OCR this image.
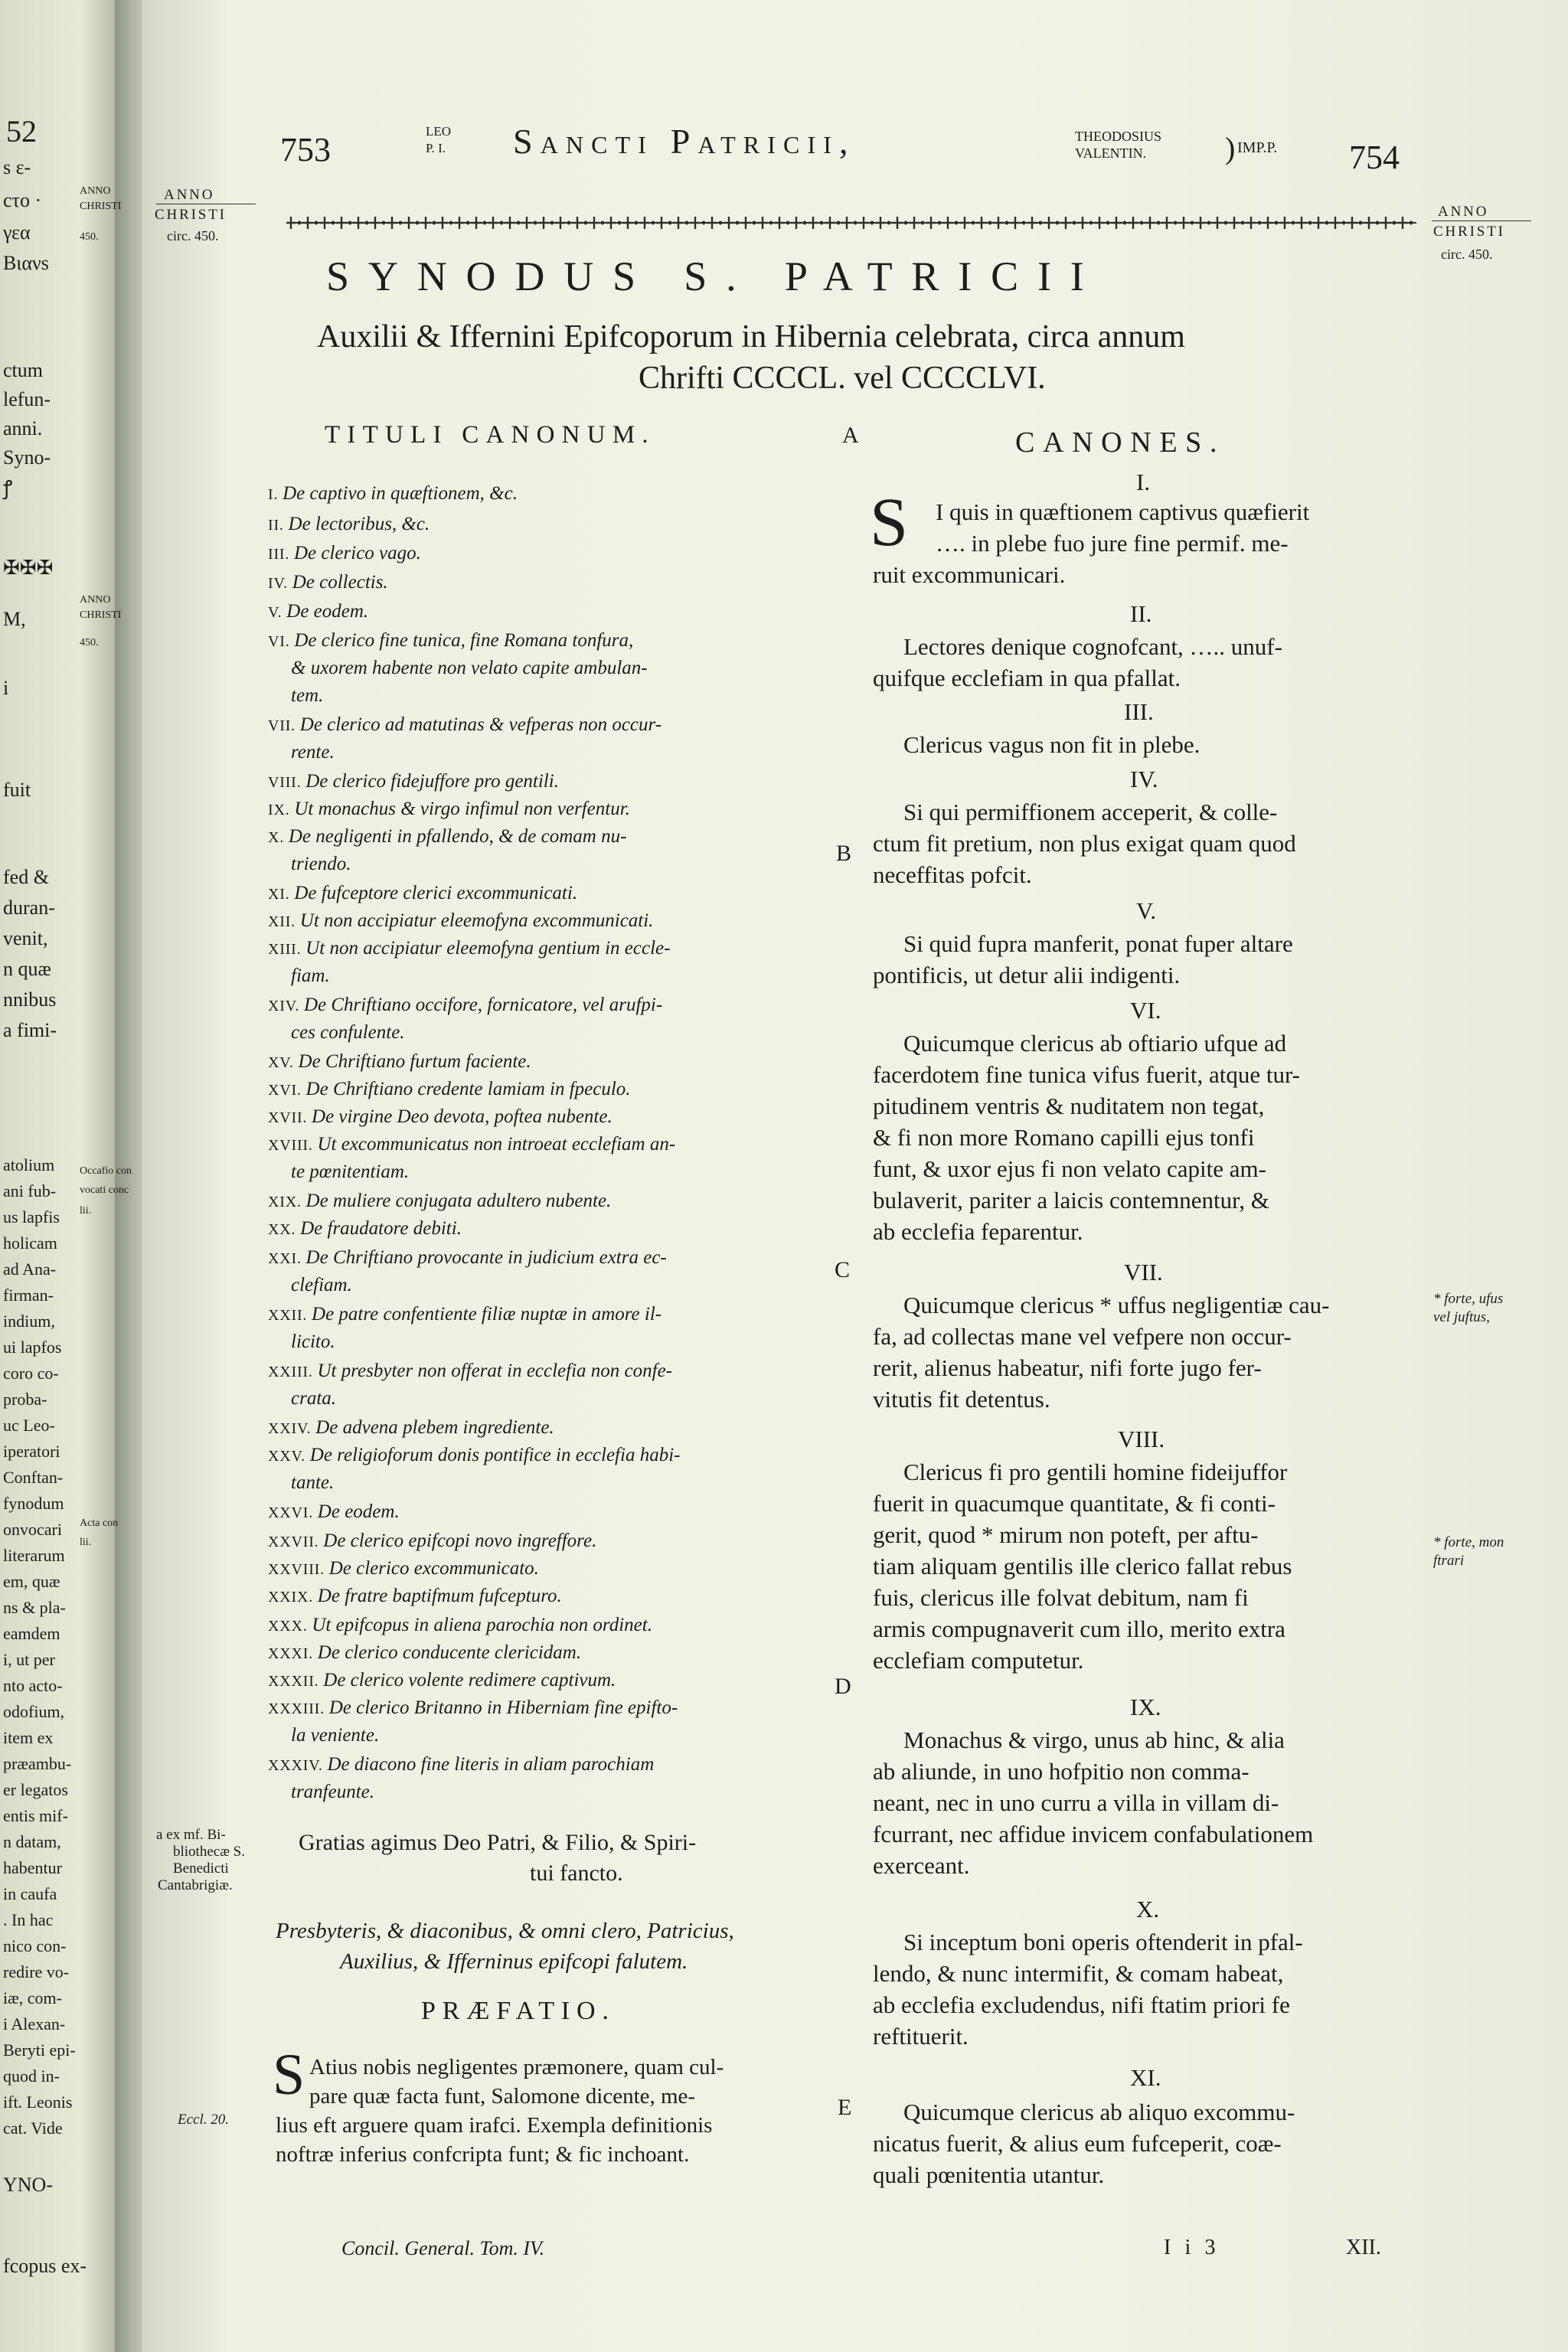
753	LEO
P. I. Sancti Patricii,	THEODOSIUS
VALENTIN.	) IMP.P. 754
ANNO
CHRISTI
circ. 450.
ANNO
CHRISTI
circ. 450.
SYNODUS S. PATRICII
Auxilii & Iffernini Epifcoporum in Hibernia celebrata, circa annum
Chrifti CCCCL. vel CCCCLVI.
TITULI CANONUM.
I. De captivo in quæftionem, &c.
II. De lectoribus, &c.
III. De clerico vago.
IV. De collectis.
V. De eodem.
VI. De clerico fine tunica, fine Romana tonfura,
& uxorem habente non velato capite ambulan-
tem.
VII. De clerico ad matutinas & vefperas non occur-
rente.
VIII. De clerico fidejuffore pro gentili.
IX. Ut monachus & virgo infimul non verfentur.
X. De negligenti in pfallendo, & de comam nu-
triendo.
XI. De fufceptore clerici excommunicati.
XII. Ut non accipiatur eleemofyna excommunicati.
XIII. Ut non accipiatur eleemofyna gentium in eccle-
fiam.
XIV. De Chriftiano occifore, fornicatore, vel arufpi-
ces confulente.
XV. De Chriftiano furtum faciente.
XVI. De Chriftiano credente lamiam in fpeculo.
XVII. De virgine Deo devota, poftea nubente.
XVIII. Ut excommunicatus non introeat ecclefiam an-
te pœnitentiam.
XIX. De muliere conjugata adultero nubente.
XX. De fraudatore debiti.
XXI. De Chriftiano provocante in judicium extra ec-
clefiam.
XXII. De patre confentiente filiæ nuptæ in amore il-
licito.
XXIII. Ut presbyter non offerat in ecclefia non confe-
crata.
XXIV. De advena plebem ingrediente.
XXV. De religioforum donis pontifice in ecclefia habi-
tante.
XXVI. De eodem.
XXVII. De clerico epifcopi novo ingreffore.
XXVIII. De clerico excommunicato.
XXIX. De fratre baptifmum fufcepturo.
XXX. Ut epifcopus in aliena parochia non ordinet.
XXXI. De clerico conducente clericidam.
XXXII. De clerico volente redimere captivum.
XXXIII. De clerico Britanno in Hiberniam fine epifto-
la veniente.
XXXIV. De diacono fine literis in aliam parochiam
tranfeunte.
Gratias agimus Deo Patri, & Filio, & Spiri-
tui fancto.
a ex mf. Bi-
bliothecæ S.
Benedicti
Cantabrigiæ.
Presbyteris, & diaconibus, & omni clero, Patricius,
Auxilius, & Ifferninus epifcopi falutem.
PRÆFATIO.
S Atius nobis negligentes præmonere, quam cul-
pare quæ facta funt, Salomone dicente, me-
lius eft arguere quam irafci. Exempla definitionis
noftræ inferius confcripta funt; & fic inchoant.
Eccl. 20.
A
B
C
D
E
CANONES.
S
I.
I quis in quæftionem captivus quæfierit
…. in plebe fuo jure fine permif. me-
ruit excommunicari.
II.
Lectores denique cognofcant, ….. unuf-
quifque ecclefiam in qua pfallat.
III.
Clericus vagus non fit in plebe.
IV.
Si qui permiffionem acceperit, & colle-
ctum fit pretium, non plus exigat quam quod
neceffitas pofcit.
V.
Si quid fupra manferit, ponat fuper altare
pontificis, ut detur alii indigenti.
VI.
Quicumque clericus ab oftiario ufque ad
facerdotem fine tunica vifus fuerit, atque tur-
pitudinem ventris & nuditatem non tegat,
& fi non more Romano capilli ejus tonfi
funt, & uxor ejus fi non velato capite am-
bulaverit, pariter a laicis contemnentur, &
ab ecclefia feparentur.
VII.
Quicumque clericus * uffus negligentiæ cau-
fa, ad collectas mane vel vefpere non occur-
rerit, alienus habeatur, nifi forte jugo fer-
vitutis fit detentus.
VIII.
Clericus fi pro gentili homine fideijuffor
fuerit in quacumque quantitate, & fi conti-
gerit, quod * mirum non poteft, per aftu-
tiam aliquam gentilis ille clerico fallat rebus
fuis, clericus ille folvat debitum, nam fi
armis compugnaverit cum illo, merito extra
ecclefiam computetur.
IX.
Monachus & virgo, unus ab hinc, & alia
ab aliunde, in uno hofpitio non comma-
neant, nec in uno curru a villa in villam di-
fcurrant, nec affidue invicem confabulationem
exerceant.
X.
Si inceptum boni operis oftenderit in pfal-
lendo, & nunc intermifit, & comam habeat,
ab ecclefia excludendus, nifi ftatim priori fe
reftituerit.
XI.
Quicumque clericus ab aliquo excommu-
nicatus fuerit, & alius eum fufceperit, coæ-
quali pœnitentia utantur.
* forte, ufus
vel juftus,
* forte, mon
ftrari
Concil. General. Tom. IV.	I i 3	XII.
52
s ɛ-
cτo ·
γεα
Bιανs
ctum
lefun-
anni.
Syno-
ꝭ
✠✠✠
M,
i
fuit
fed &
duran-
venit,
n quæ
nnibus
a fimi-
atolium
ani fub-
us lapfis
holicam
ad Ana-
firman-
indium,
ui lapfos
coro co-
proba-
uc Leo-
iperatori
Conftan-
fynodum
onvocari
literarum
em, quæ
ns & pla-
eamdem
i, ut per
nto acto-
odofium,
item ex
præambu-
er legatos
entis mif-
n datam,
habentur
in caufa
. In hac
nico con-
redire vo-
iæ, com-
i Alexan-
Beryti epi-
quod in-
ift. Leonis
cat. Vide
YNO-
fcopus ex-
ANNO
CHRISTI
450.
ANNO
CHRISTI
450.
Occafio con
vocati conc
lii.
Acta con
lii.
